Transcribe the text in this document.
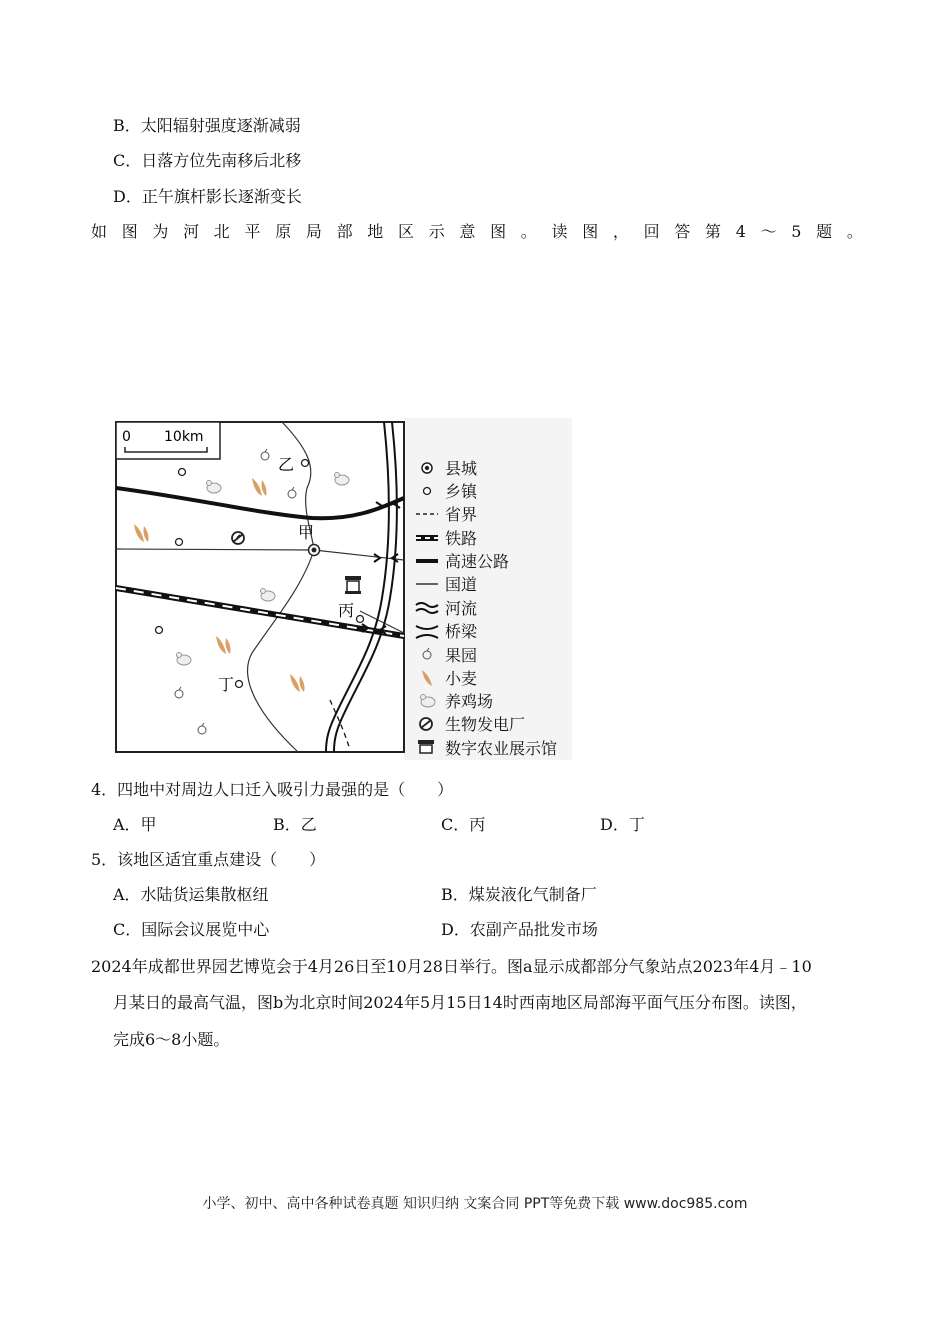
B．太阳辐射强度逐渐减弱
C．日落方位先南移后北移
D．正午旗杆影长逐渐变长
如图为河北平原局部地区示意图。读图，回答第4～5题。
0 10km
乙
甲
丙
丁
县城
乡镇
省界
铁路
高速公路
国道
河流
桥梁
果园
小麦
养鸡场
生物发电厂
数字农业展示馆
4．四地中对周边人口迁入吸引力最强的是（　　）
A．甲	B．乙	C．丙	D．丁
5．该地区适宜重点建设（　　）
A．水陆货运集散枢纽	B．煤炭液化气制备厂
C．国际会议展览中心	D．农副产品批发市场
2024年成都世界园艺博览会于4月26日至10月28日举行。图a显示成都部分气象站点2023年4月﹣10
月某日的最高气温，图b为北京时间2024年5月15日14时西南地区局部海平面气压分布图。读图，
完成6～8小题。
小学、初中、高中各种试卷真题 知识归纳 文案合同 PPT等免费下载 www.doc985.com
